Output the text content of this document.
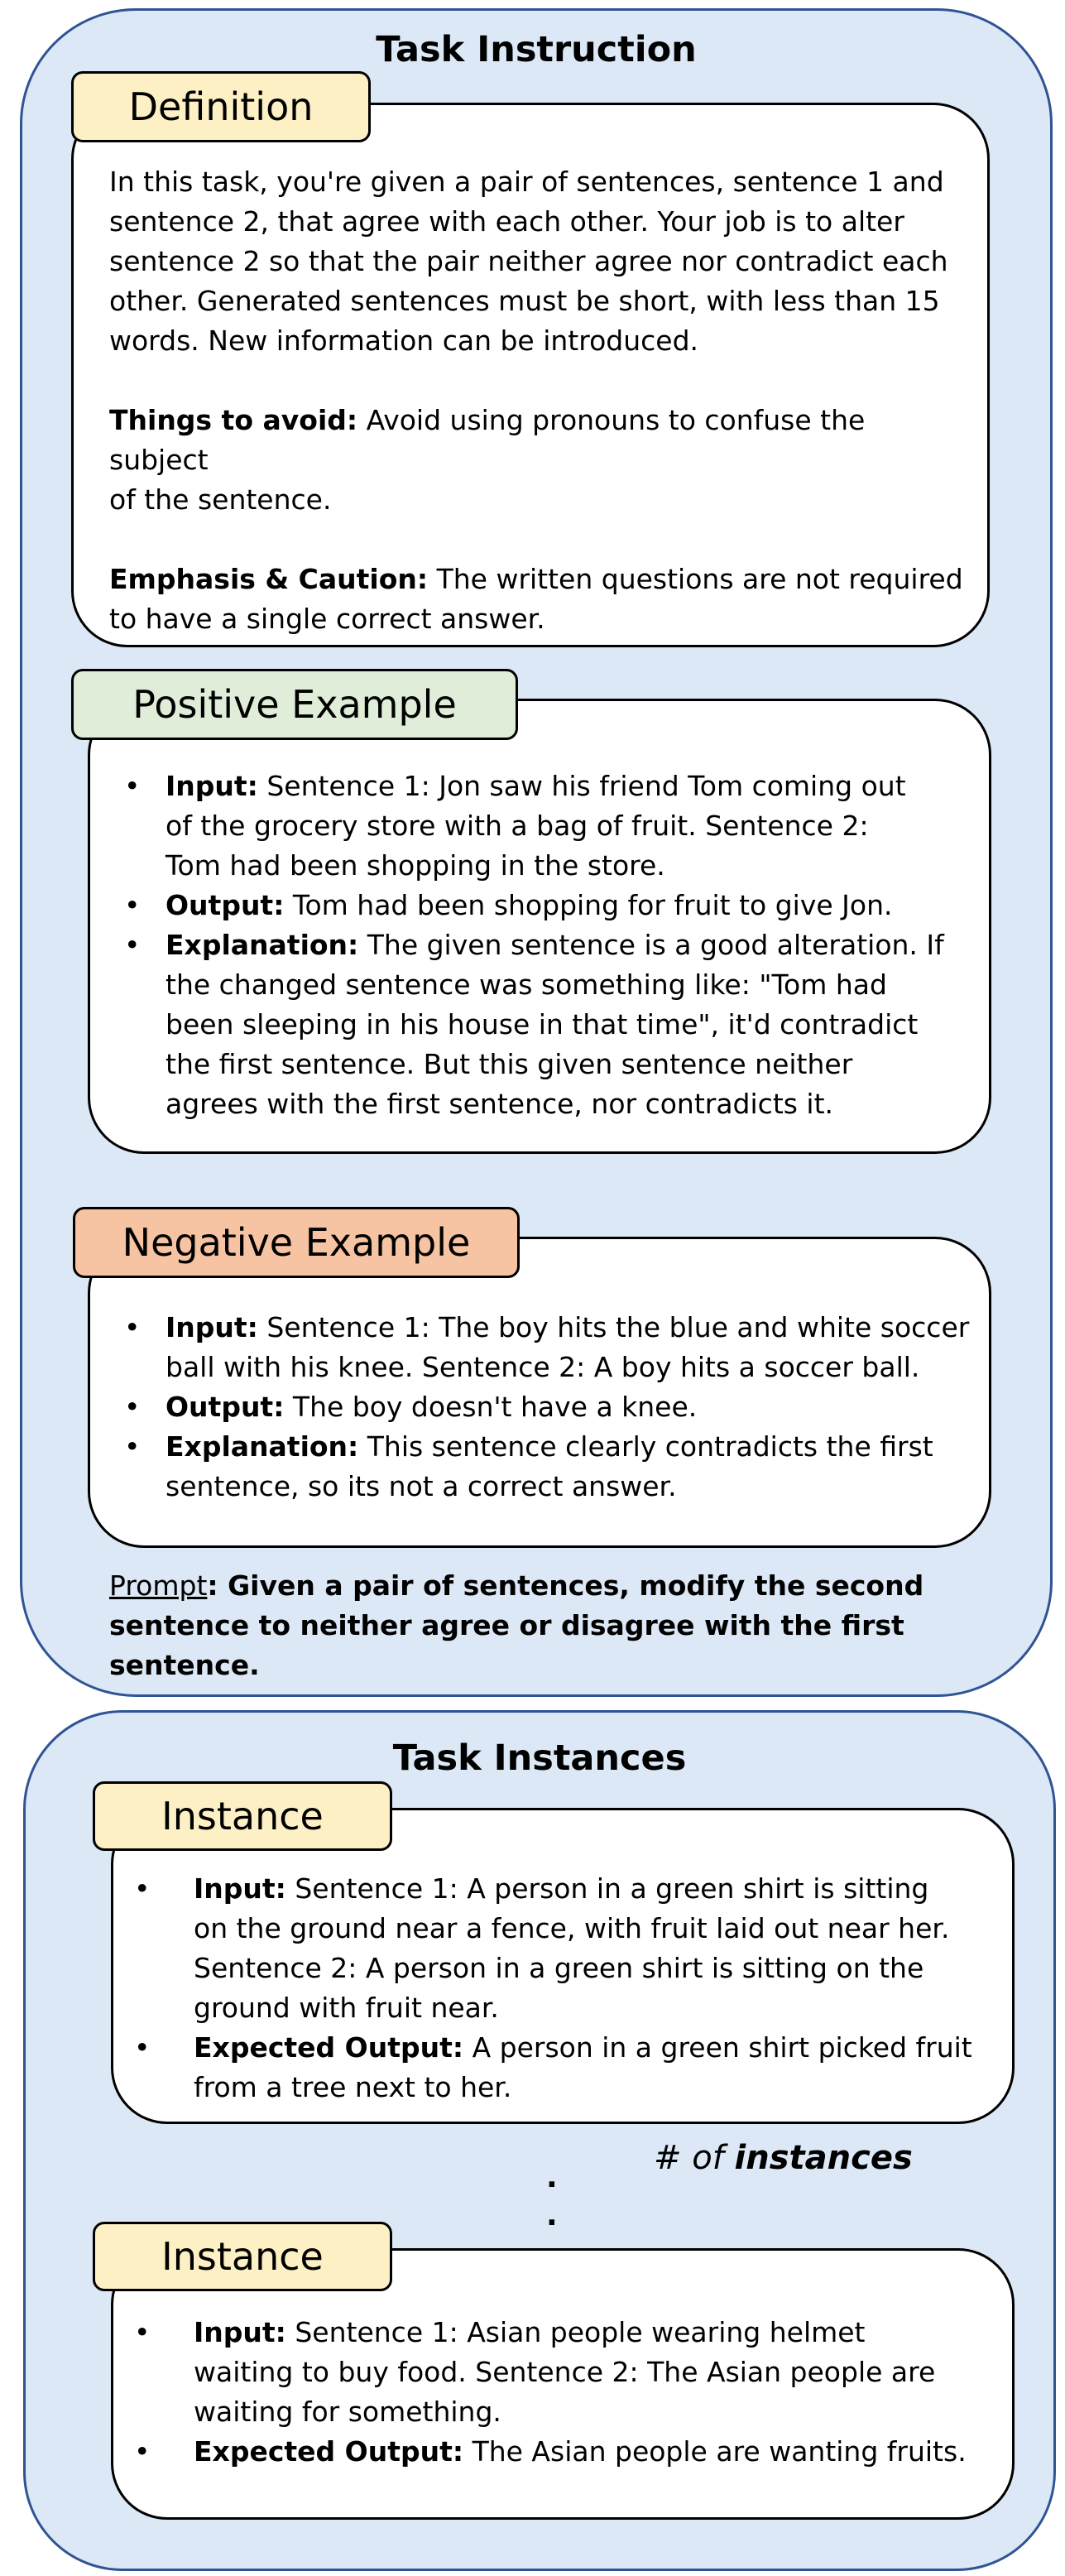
Task Instruction
Definition

In this task, you're given a pair of sentences, sentence 1 and

sentence 2, that agree with each other. Your job is to alter

sentence 2 so that the pair neither agree nor contradict each

other. Generated sentences must be short, with less than 15

words. New information can be introduced.

Things to avoid: Avoid using pronouns to confuse the subject

of the sentence.

Emphasis & Caution: The written questions are not required

to have a single correct answer.

Positive Example
• Input: Sentence 1: Jon saw his friend Tom coming out
of the grocery store with a bag of fruit. Sentence 2:
Tom had been shopping in the store.
• Output: Tom had been shopping for fruit to give Jon.
• Explanation: The given sentence is a good alteration. If
the changed sentence was something like: "Tom had
been sleeping in his house in that time", it'd contradict
the first sentence. But this given sentence neither
agrees with the first sentence, nor contradicts it.
Negative Example
• Input: Sentence 1: The boy hits the blue and white soccer
ball with his knee. Sentence 2: A boy hits a soccer ball.
• Output: The boy doesn't have a knee.
• Explanation: This sentence clearly contradicts the first
sentence, so its not a correct answer.

Prompt: Given a pair of sentences, modify the second

sentence to neither agree or disagree with the first sentence.

Task Instances
Instance
• Input: Sentence 1: A person in a green shirt is sitting
on the ground near a fence, with fruit laid out near her.
Sentence 2: A person in a green shirt is sitting on the
ground with fruit near.
• Expected Output: A person in a green shirt picked fruit
from a tree next to her.
# of instances
.
.
Instance
• Input: Sentence 1: Asian people wearing helmet
waiting to buy food. Sentence 2: The Asian people are
waiting for something.
• Expected Output: The Asian people are wanting fruits.
